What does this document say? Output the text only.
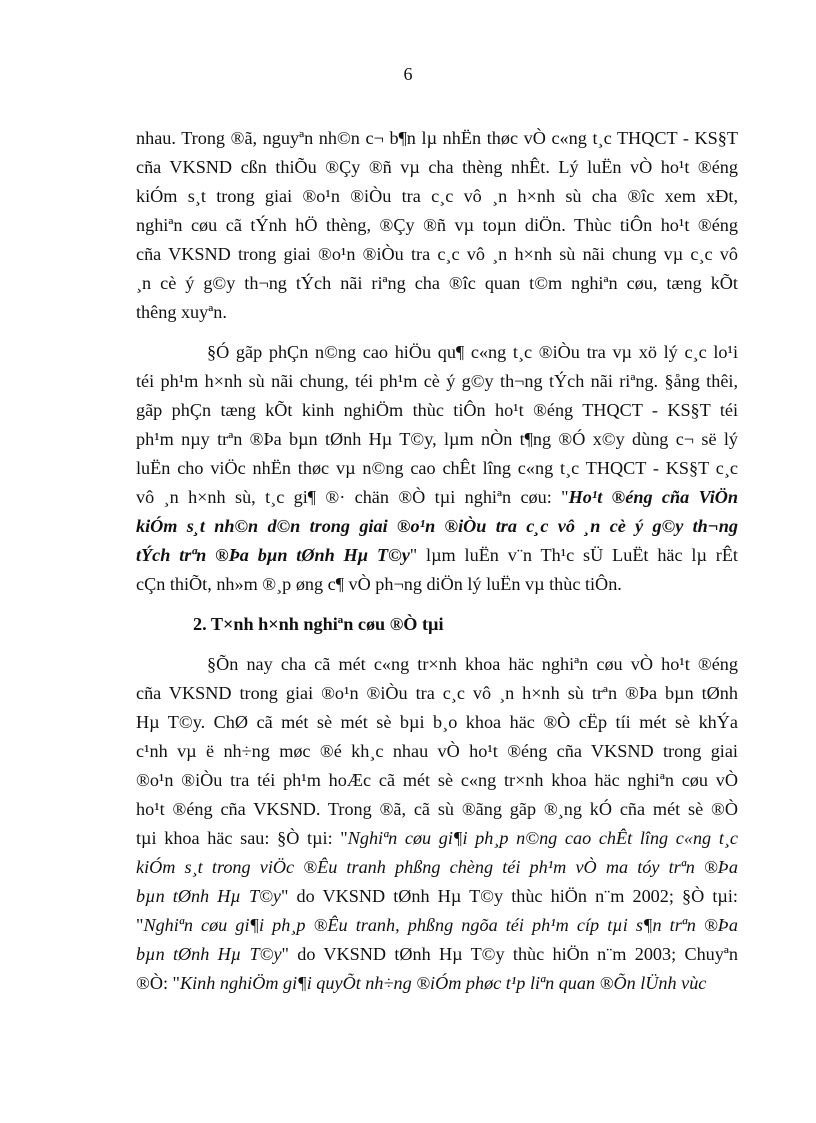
6
nhau. Trong ®ã, nguyªn nh©n c¬ b¶n lµ nhËn thøc vÒ c«ng t¸c THQCT - KS§T
cña VKSND cßn thiÕu ®Çy ®ñ vµ cha thèng nhÊt. Lý luËn vÒ ho¹t ®éng
kiÓm s¸t trong giai ®o¹n ®iÒu tra c¸c vô ¸n h×nh sù cha ®îc xem xÐt,
nghiªn cøu cã tÝnh hÖ thèng, ®Çy ®ñ vµ toµn diÖn. Thùc tiÔn ho¹t ®éng
cña VKSND trong giai ®o¹n ®iÒu tra c¸c vô ¸n h×nh sù nãi chung vµ c¸c vô
¸n cè ý g©y th¬ng tÝch nãi riªng cha ®îc quan t©m nghiªn cøu, tæng kÕt
thêng xuyªn.
§Ó gãp phÇn n©ng cao hiÖu qu¶ c«ng t¸c ®iÒu tra vµ xö lý c¸c lo¹i
téi ph¹m h×nh sù nãi chung, téi ph¹m cè ý g©y th¬ng tÝch nãi riªng. §ång thêi,
gãp phÇn tæng kÕt kinh nghiÖm thùc tiÔn ho¹t ®éng THQCT - KS§T téi
ph¹m nµy trªn ®Þa bµn tØnh Hµ T©y, lµm nÒn t¶ng ®Ó x©y dùng c¬ së lý
luËn cho viÖc nhËn thøc vµ n©ng cao chÊt lîng c«ng t¸c THQCT - KS§T c¸c
vô ¸n h×nh sù, t¸c gi¶ ®· chän ®Ò tµi nghiªn cøu: "Ho¹t ®éng cña ViÖn
kiÓm s¸t nh©n d©n trong giai ®o¹n ®iÒu tra c¸c vô ¸n cè ý g©y th¬ng
tÝch trªn ®Þa bµn tØnh Hµ T©y" lµm luËn v¨n Th¹c sÜ LuËt häc lµ rÊt
cÇn thiÕt, nh»m ®¸p øng c¶ vÒ ph¬ng diÖn lý luËn vµ thùc tiÔn.
2. T×nh h×nh nghiªn cøu ®Ò tµi
§Õn nay cha cã mét c«ng tr×nh khoa häc nghiªn cøu vÒ ho¹t ®éng
cña VKSND trong giai ®o¹n ®iÒu tra c¸c vô ¸n h×nh sù trªn ®Þa bµn tØnh
Hµ T©y. ChØ cã mét sè mét sè bµi b¸o khoa häc ®Ò cËp tíi mét sè khÝa
c¹nh vµ ë nh÷ng møc ®é kh¸c nhau vÒ ho¹t ®éng cña VKSND trong giai
®o¹n ®iÒu tra téi ph¹m hoÆc cã mét sè c«ng tr×nh khoa häc nghiªn cøu vÒ
ho¹t ®éng cña VKSND. Trong ®ã, cã sù ®ãng gãp ®¸ng kÓ cña mét sè ®Ò
tµi khoa häc sau: §Ò tµi: "Nghiªn cøu gi¶i ph¸p n©ng cao chÊt lîng c«ng t¸c
kiÓm s¸t trong viÖc ®Êu tranh phßng chèng téi ph¹m vÒ ma tóy trªn ®Þa
bµn tØnh Hµ T©y" do VKSND tØnh Hµ T©y thùc hiÖn n¨m 2002; §Ò tµi:
"Nghiªn cøu gi¶i ph¸p ®Êu tranh, phßng ngõa téi ph¹m cíp tµi s¶n trªn ®Þa
bµn tØnh Hµ T©y" do VKSND tØnh Hµ T©y thùc hiÖn n¨m 2003; Chuyªn
®Ò: "Kinh nghiÖm gi¶i quyÕt nh÷ng ®iÓm phøc t¹p liªn quan ®Õn lÜnh vùc
